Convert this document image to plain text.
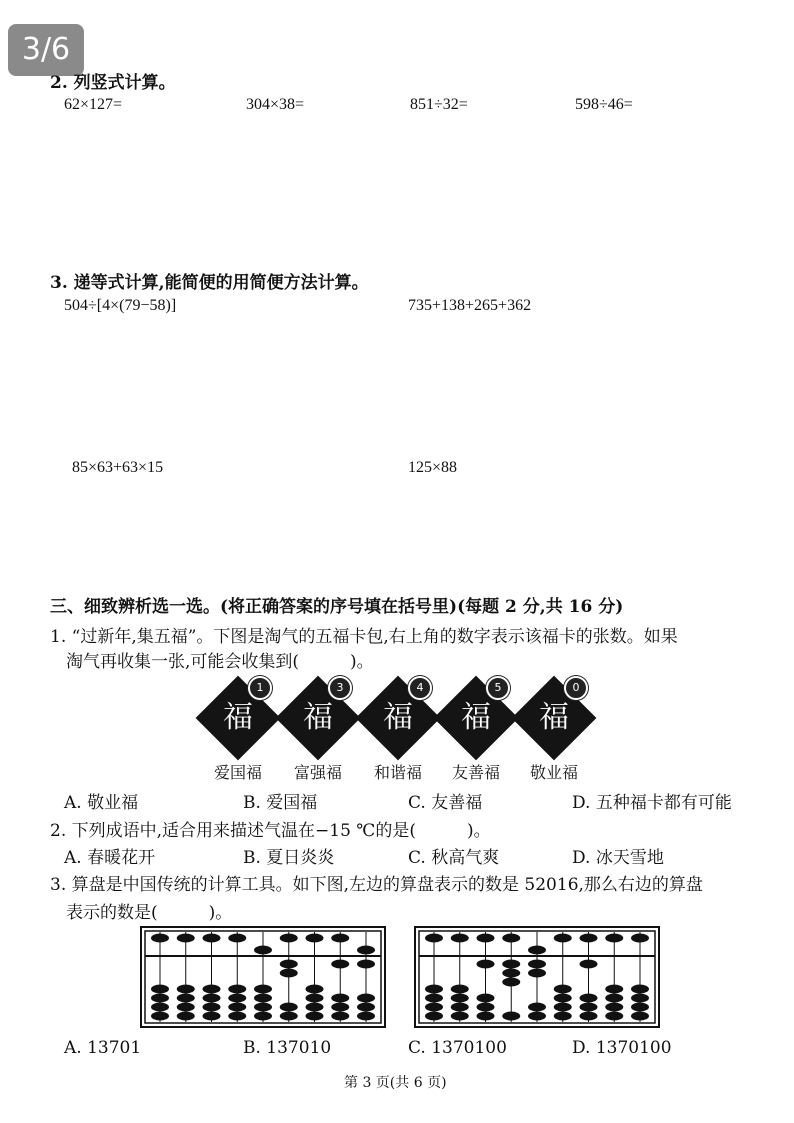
3/6
2. 列竖式计算。
62×127=	304×38=	851÷32=	598÷46=
3. 递等式计算,能简便的用简便方法计算。
504÷[4×(79−58)]	735+138+265+362
85×63+63×15	125×88
三、细致辨析选一选。(将正确答案的序号填在括号里)(每题 2 分,共 16 分)
1. “过新年,集五福”。下图是淘气的五福卡包,右上角的数字表示该福卡的张数。如果
淘气再收集一张,可能会收集到(　　　)。
福
1
爱国福
福
3
富强福
福
4
和谐福
福
5
友善福
福
0
敬业福
A. 敬业福	B. 爱国福	C. 友善福	D. 五种福卡都有可能
2. 下列成语中,适合用来描述气温在−15 ℃的是(　　　)。
A. 春暖花开	B. 夏日炎炎	C. 秋高气爽	D. 冰天雪地
3. 算盘是中国传统的计算工具。如下图,左边的算盘表示的数是 52016,那么右边的算盘
表示的数是(　　　)。
A. 13701	B. 137010	C. 1370100	D. 1370100
第 3 页(共 6 页)
